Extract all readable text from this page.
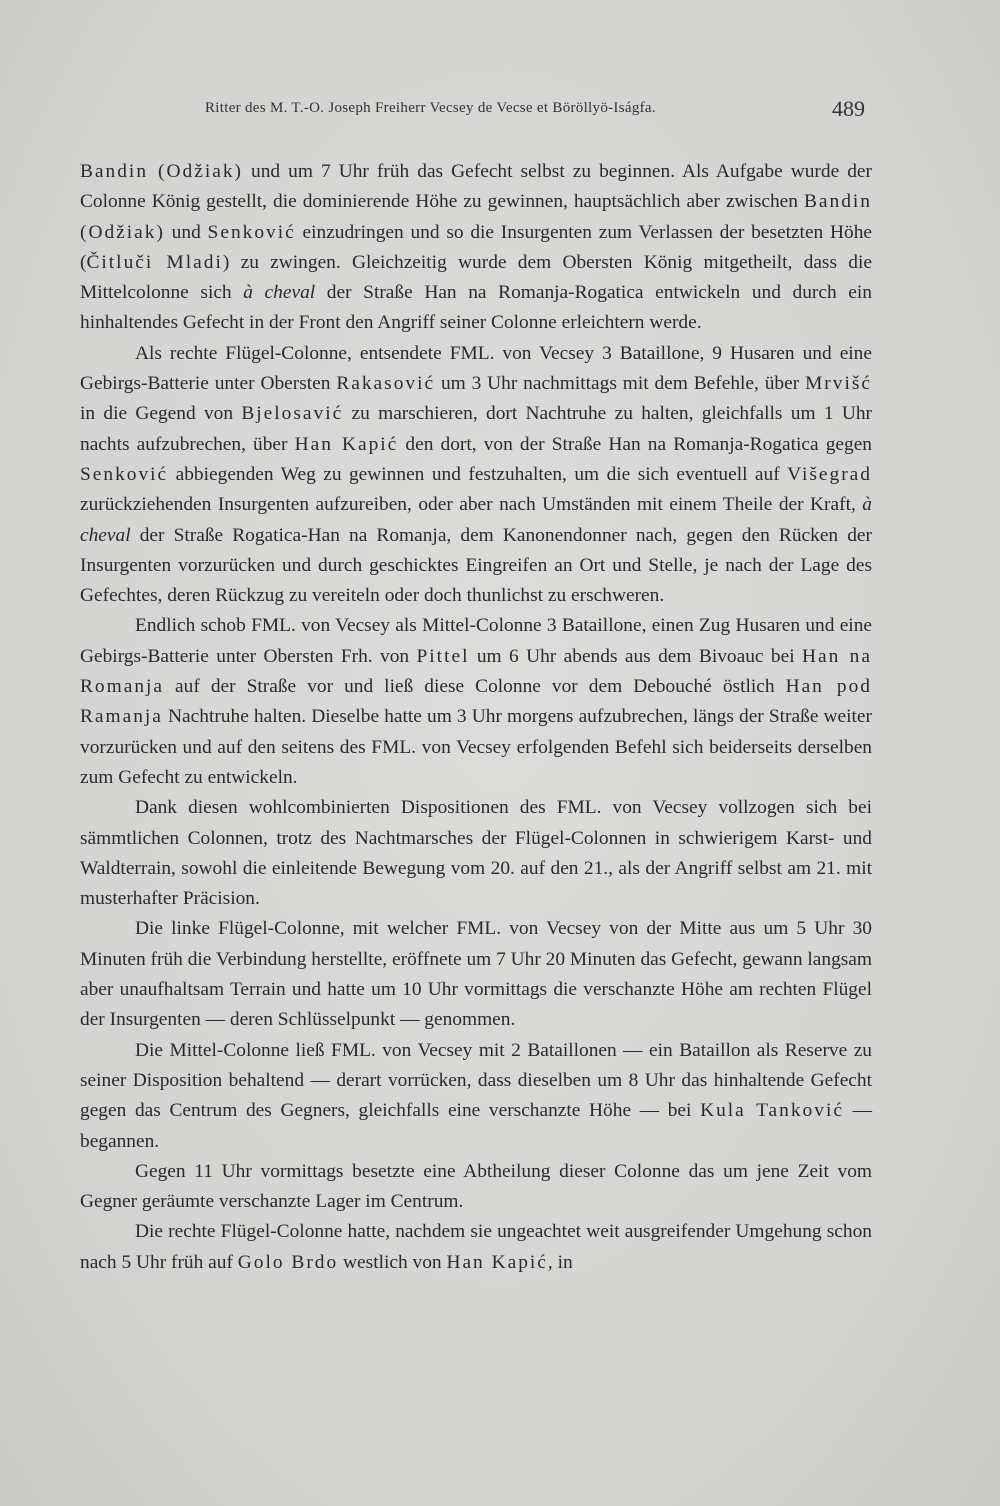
Ritter des M. T.-O. Joseph Freiherr Vecsey de Vecse et Böröllyö-Iságfa.	489

Bandin (Odžiak) und um 7 Uhr früh das Gefecht selbst zu beginnen. Als Aufgabe wurde der Colonne König gestellt, die dominierende Höhe zu gewinnen, hauptsächlich aber zwischen Bandin (Odžiak) und Senković einzudringen und so die Insurgenten zum Verlassen der besetzten Höhe (Čitluči Mladi) zu zwingen. Gleichzeitig wurde dem Obersten König mitgetheilt, dass die Mittelcolonne sich à cheval der Straße Han na Romanja-Rogatica entwickeln und durch ein hinhaltendes Gefecht in der Front den Angriff seiner Colonne erleichtern werde.

Als rechte Flügel-Colonne, entsendete FML. von Vecsey 3 Bataillone, 9 Husaren und eine Gebirgs-Batterie unter Obersten Rakasović um 3 Uhr nachmittags mit dem Befehle, über Mrvišć in die Gegend von Bjelosavić zu marschieren, dort Nachtruhe zu halten, gleichfalls um 1 Uhr nachts aufzubrechen, über Han Kapić den dort, von der Straße Han na Romanja-Rogatica gegen Senković abbiegenden Weg zu gewinnen und festzuhalten, um die sich eventuell auf Višegrad zurückziehenden Insurgenten aufzureiben, oder aber nach Umständen mit einem Theile der Kraft, à cheval der Straße Rogatica-Han na Romanja, dem Kanonendonner nach, gegen den Rücken der Insurgenten vorzurücken und durch geschicktes Eingreifen an Ort und Stelle, je nach der Lage des Gefechtes, deren Rückzug zu vereiteln oder doch thunlichst zu erschweren.

Endlich schob FML. von Vecsey als Mittel-Colonne 3 Bataillone, einen Zug Husaren und eine Gebirgs-Batterie unter Obersten Frh. von Pittel um 6 Uhr abends aus dem Bivoauc bei Han na Romanja auf der Straße vor und ließ diese Colonne vor dem Debouché östlich Han pod Ramanja Nachtruhe halten. Dieselbe hatte um 3 Uhr morgens aufzubrechen, längs der Straße weiter vorzurücken und auf den seitens des FML. von Vecsey erfolgenden Befehl sich beiderseits derselben zum Gefecht zu entwickeln.

Dank diesen wohlcombinierten Dispositionen des FML. von Vecsey vollzogen sich bei sämmtlichen Colonnen, trotz des Nachtmarsches der Flügel-Colonnen in schwierigem Karst- und Waldterrain, sowohl die einleitende Bewegung vom 20. auf den 21., als der Angriff selbst am 21. mit musterhafter Präcision.

Die linke Flügel-Colonne, mit welcher FML. von Vecsey von der Mitte aus um 5 Uhr 30 Minuten früh die Verbindung herstellte, eröffnete um 7 Uhr 20 Minuten das Gefecht, gewann langsam aber unaufhaltsam Terrain und hatte um 10 Uhr vormittags die verschanzte Höhe am rechten Flügel der Insurgenten — deren Schlüsselpunkt — genommen.

Die Mittel-Colonne ließ FML. von Vecsey mit 2 Bataillonen — ein Bataillon als Reserve zu seiner Disposition behaltend — derart vorrücken, dass dieselben um 8 Uhr das hinhaltende Gefecht gegen das Centrum des Gegners, gleichfalls eine verschanzte Höhe — bei Kula Tanković — begannen.

Gegen 11 Uhr vormittags besetzte eine Abtheilung dieser Colonne das um jene Zeit vom Gegner geräumte verschanzte Lager im Centrum.

Die rechte Flügel-Colonne hatte, nachdem sie ungeachtet weit ausgreifender Umgehung schon nach 5 Uhr früh auf Golo Brdo westlich von Han Kapić, in
